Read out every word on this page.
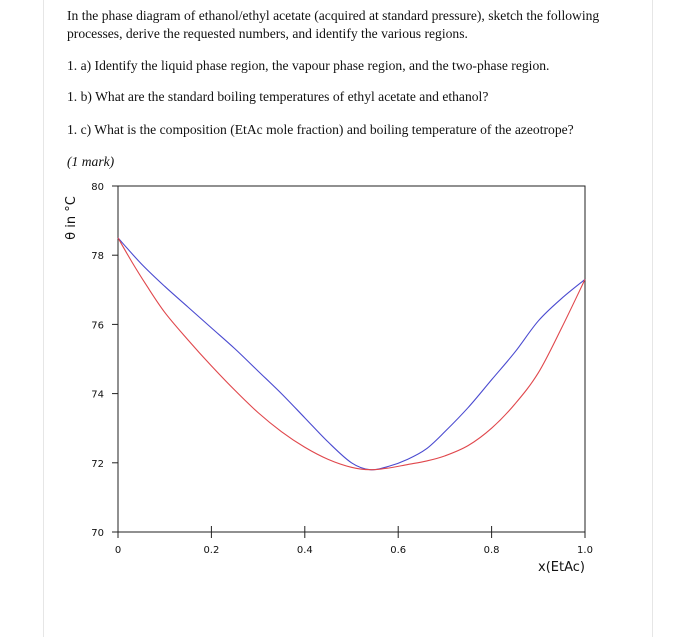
In the phase diagram of ethanol/ethyl acetate (acquired at standard pressure), sketch the following processes, derive the requested numbers, and identify the various regions.

1. a) Identify the liquid phase region, the vapour phase region, and the two-phase region.

1. b) What are the standard boiling temperatures of ethyl acetate and ethanol?

1. c) What is the composition (EtAc mole fraction) and boiling temperature of the azeotrope?

(1 mark)

70
72
74
76
78
80
0	0.2	0.4	0.6	0.8	1.0
θ in °C
x(EtAc)
